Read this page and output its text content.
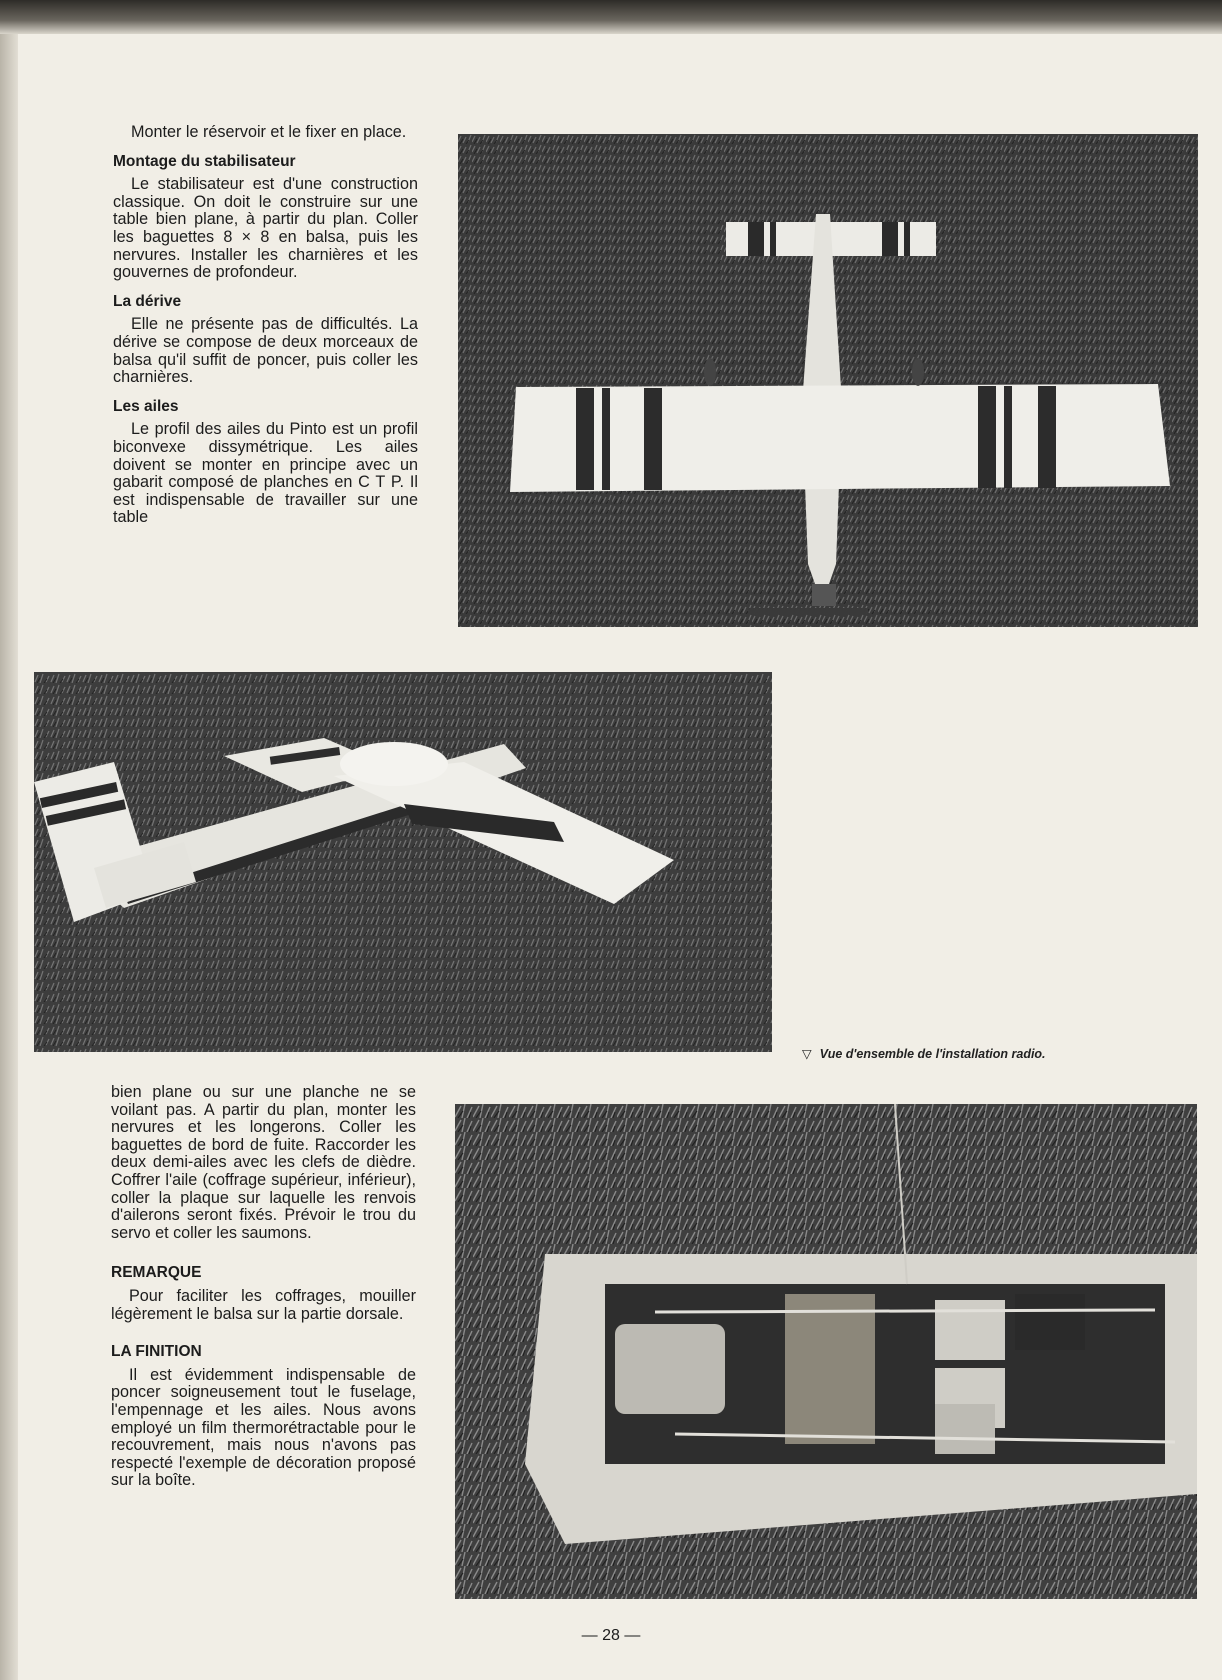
Monter le réservoir et le fixer en place.

Montage du stabilisateur

Le stabilisateur est d'une construction classique. On doit le construire sur une table bien plane, à partir du plan. Coller les baguettes 8 × 8 en balsa, puis les nervures. Installer les charnières et les gouvernes de profondeur.

La dérive

Elle ne présente pas de difficultés. La dérive se compose de deux morceaux de balsa qu'il suffit de poncer, puis coller les charnières.

Les ailes

Le profil des ailes du Pinto est un profil biconvexe dissymétrique. Les ailes doivent se monter en principe avec un gabarit composé de planches en C T P. Il est indispensable de travailler sur une table

▽ Vue d'ensemble de l'installation radio.

bien plane ou sur une planche ne se voilant pas. A partir du plan, monter les nervures et les longerons. Coller les baguettes de bord de fuite. Raccorder les deux demi-ailes avec les clefs de dièdre. Coffrer l'aile (coffrage supérieur, inférieur), coller la plaque sur laquelle les renvois d'ailerons seront fixés. Prévoir le trou du servo et coller les saumons.

REMARQUE

Pour faciliter les coffrages, mouiller légèrement le balsa sur la partie dorsale.

LA FINITION

Il est évidemment indispensable de poncer soigneusement tout le fuselage, l'empennage et les ailes. Nous avons employé un film thermorétractable pour le recouvrement, mais nous n'avons pas respecté l'exemple de décoration proposé sur la boîte.

— 28 —
